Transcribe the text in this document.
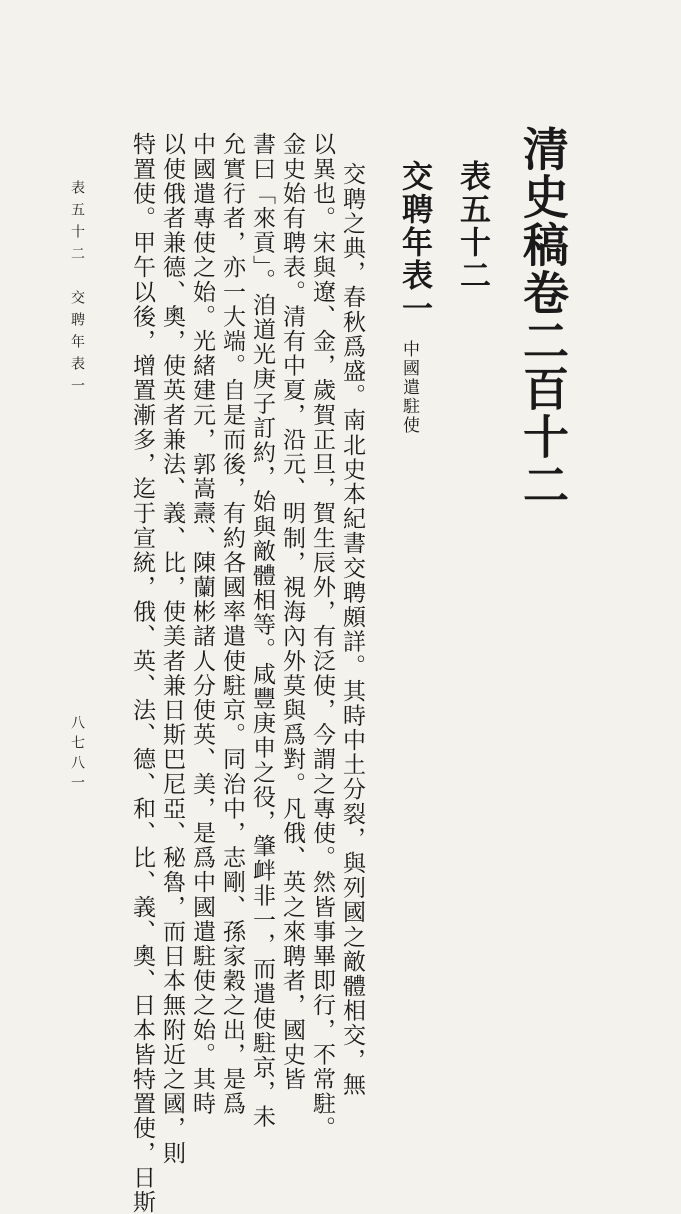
清史稿卷二百十二
表五十二
交聘年表一
中國遣駐使
交聘之典，春秋爲盛。南北史本紀書交聘頗詳。其時中土分裂，與列國之敵體相交，無
以異也。宋與遼、金，歲賀正旦，賀生辰外，有泛使，今謂之專使。然皆事畢即行，不常駐。
金史始有聘表。清有中夏，沿元、明制，視海內外莫與爲對。凡俄、英之來聘者，國史皆
書曰「來貢」。洎道光庚子訂約，始與敵體相等。咸豐庚申之役，肇衅非一，而遣使駐京，未
允實行者，亦一大端。自是而後，有約各國率遣使駐京。同治中，志剛、孫家穀之出，是爲
中國遣專使之始。光緒建元，郭嵩燾、陳蘭彬諸人分使英、美，是爲中國遣駐使之始。其時
以使俄者兼德、奧，使英者兼法、義、比，使美者兼日斯巴尼亞、秘魯，而日本無附近之國，則
特置使。甲午以後，增置漸多，迄于宣統，俄、英、法、德、和、比、義、奧、日本皆特置使，日斯
表五十二　交聘年表一
八七八一
